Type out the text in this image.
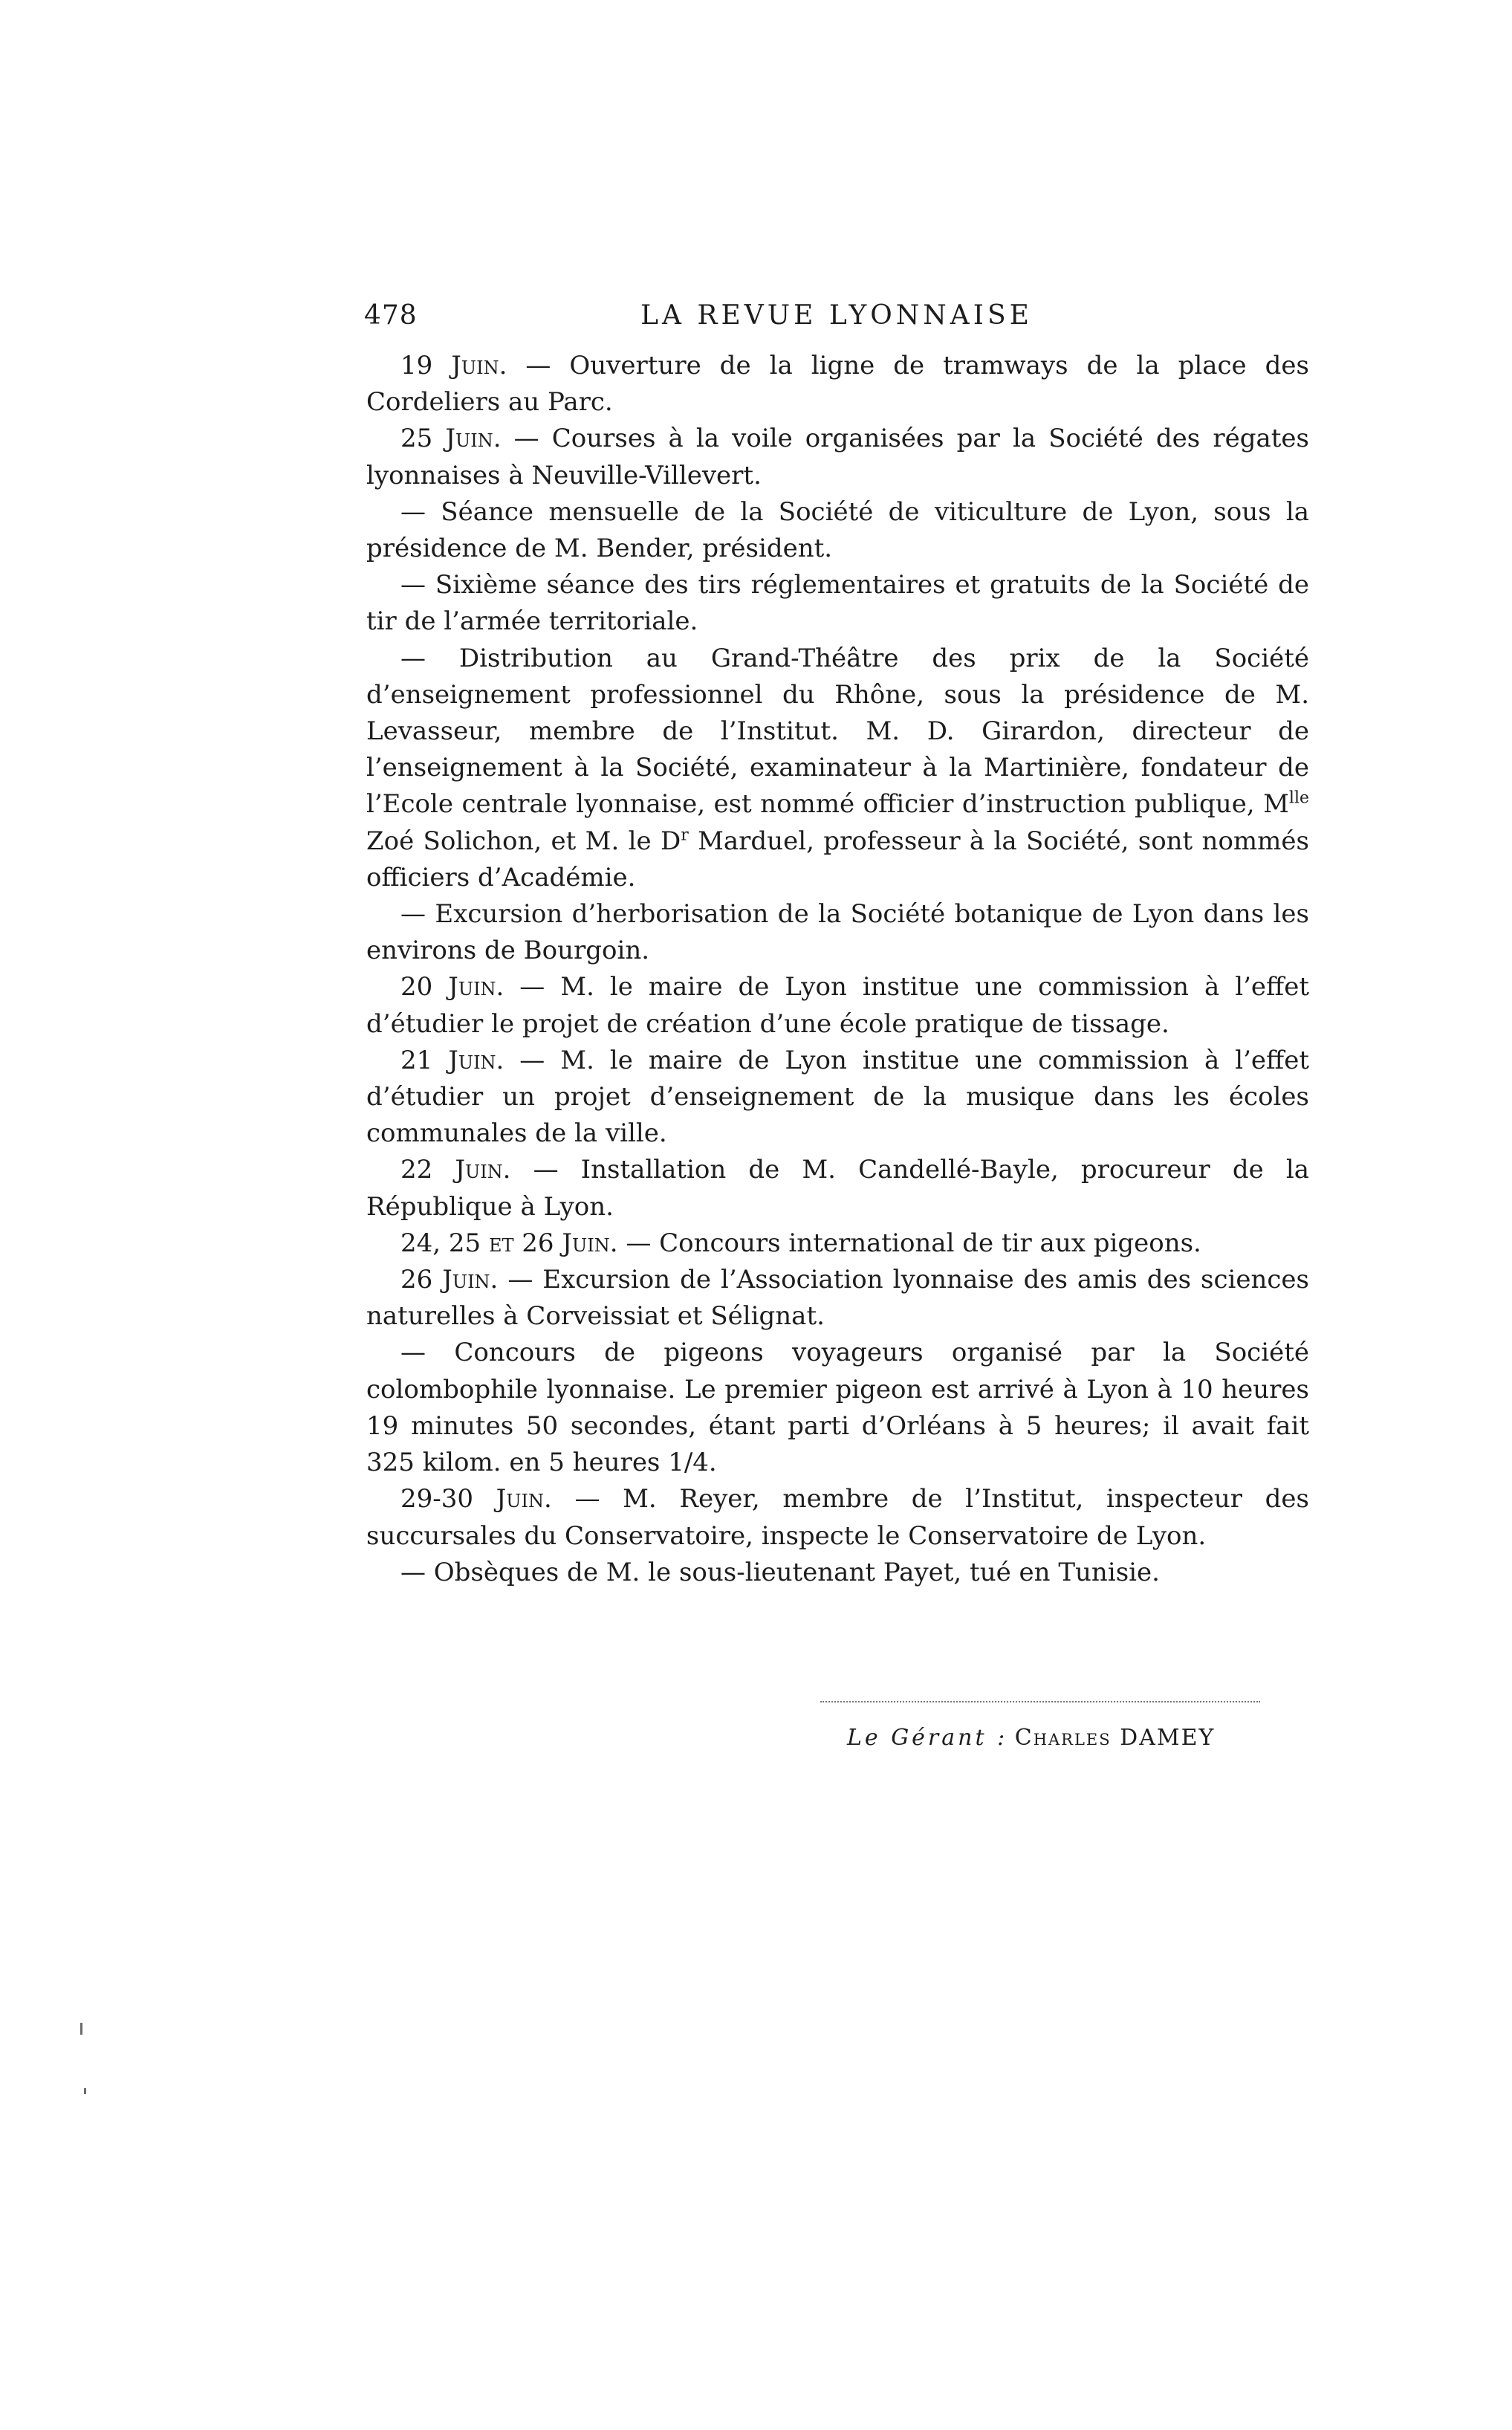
478	LA REVUE LYONNAISE

19 Juin. — Ouverture de la ligne de tramways de la place des Cordeliers au Parc.

25 Juin. — Courses à la voile organisées par la Société des régates lyonnaises à Neuville-Villevert.

— Séance mensuelle de la Société de viticulture de Lyon, sous la présidence de M. Bender, président.

— Sixième séance des tirs réglementaires et gratuits de la Société de tir de l’armée territoriale.

— Distribution au Grand-Théâtre des prix de la Société d’enseignement professionnel du Rhône, sous la présidence de M. Levasseur, membre de l’Institut. M. D. Girardon, directeur de l’enseignement à la Société, examinateur à la Martinière, fondateur de l’Ecole centrale lyonnaise, est nommé officier d’instruction publique, $M^{lle}$ Zoé Solichon, et M. le $D^r$ Marduel, professeur à la Société, sont nommés officiers d’Académie.

— Excursion d’herborisation de la Société botanique de Lyon dans les environs de Bourgoin.

20 Juin. — M. le maire de Lyon institue une commission à l’effet d’étudier le projet de création d’une école pratique de tissage.

21 Juin. — M. le maire de Lyon institue une commission à l’effet d’étudier un projet d’enseignement de la musique dans les écoles communales de la ville.

22 Juin. — Installation de M. Candellé-Bayle, procureur de la République à Lyon.

24, 25 et 26 Juin. — Concours international de tir aux pigeons.

26 Juin. — Excursion de l’Association lyonnaise des amis des sciences naturelles à Corveissiat et Sélignat.

— Concours de pigeons voyageurs organisé par la Société colombophile lyonnaise. Le premier pigeon est arrivé à Lyon à 10 heures 19 minutes 50 secondes, étant parti d’Orléans à 5 heures; il avait fait 325 kilom. en 5 heures 1/4.

29-30 Juin. — M. Reyer, membre de l’Institut, inspecteur des succursales du Conservatoire, inspecte le Conservatoire de Lyon.

— Obsèques de M. le sous-lieutenant Payet, tué en Tunisie.

Le Gérant : Charles DAMEY
